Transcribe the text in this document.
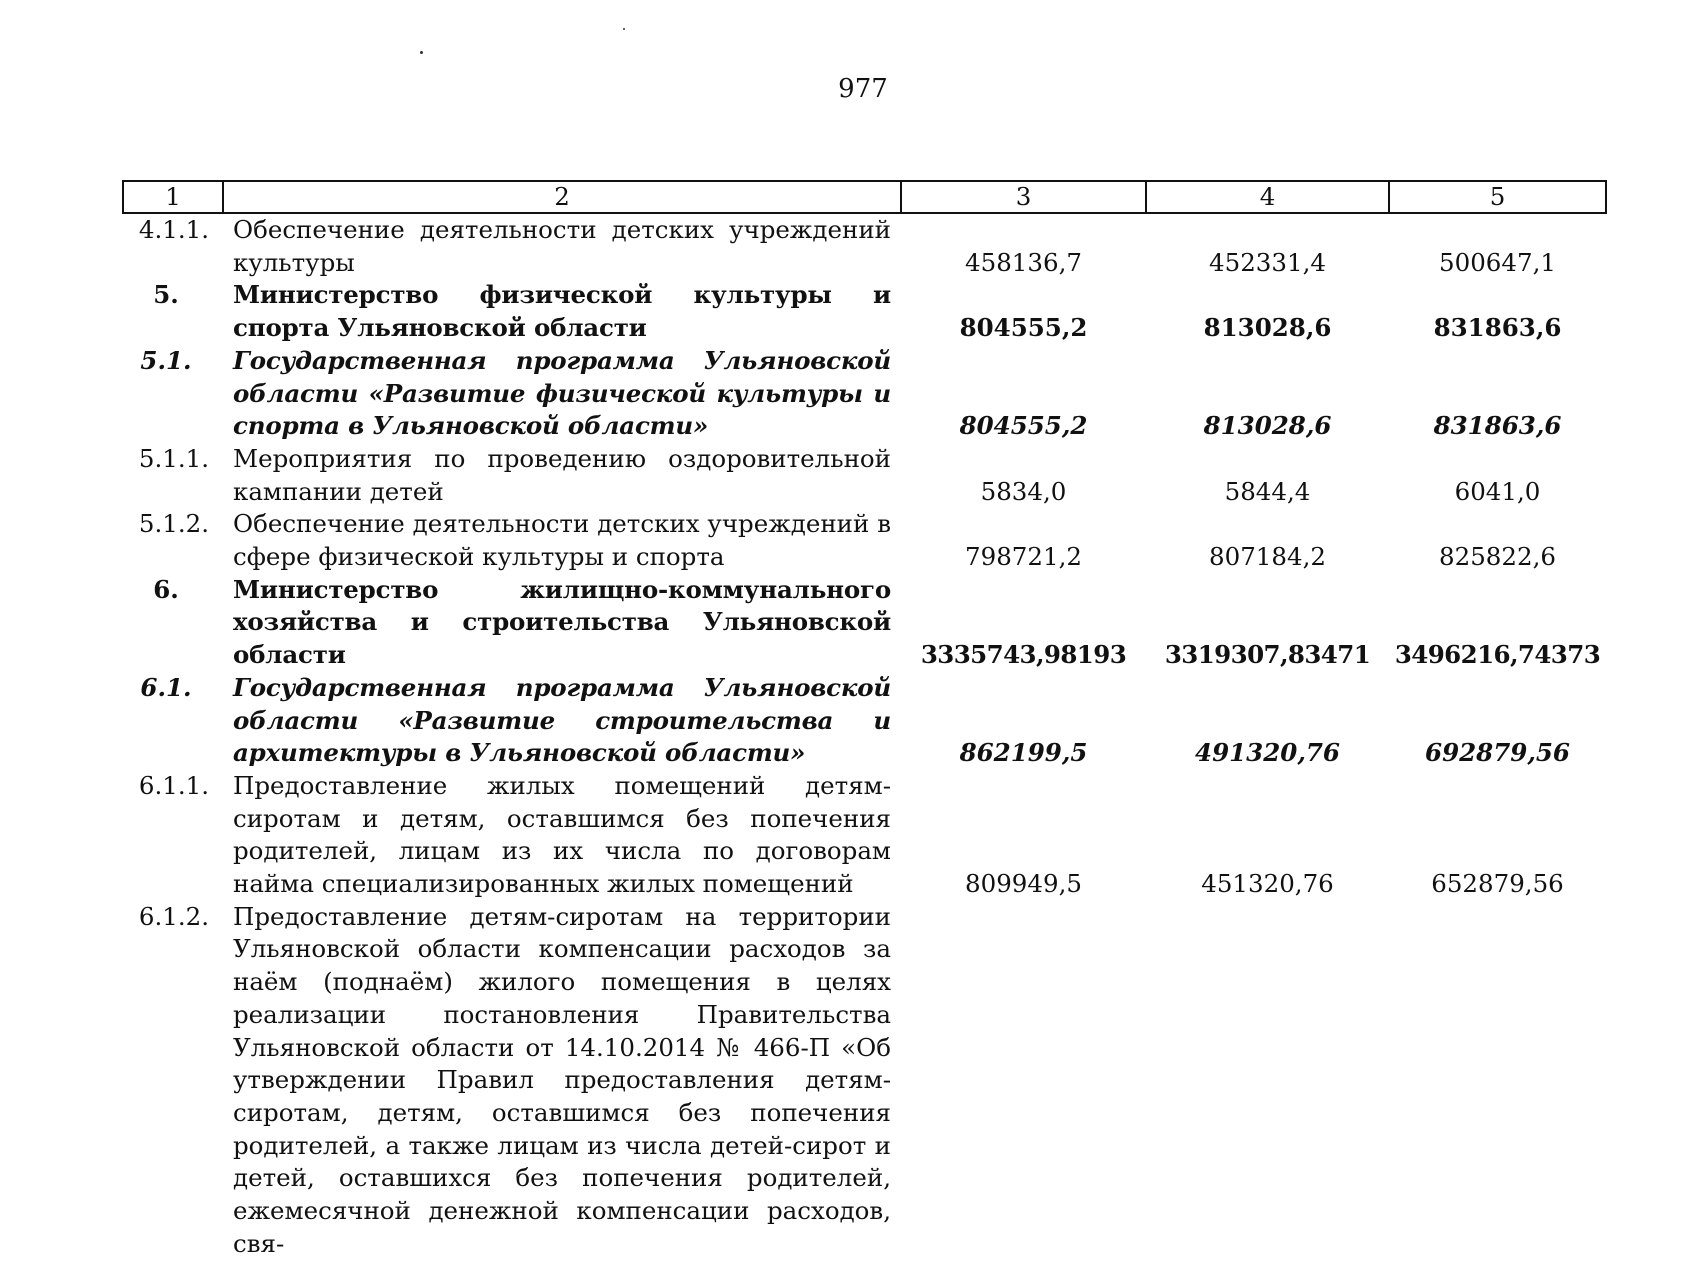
977
1	2	3	4	5
4.1.1.	Обеспечение деятельности детских учреждений культуры	458136,7	452331,4	500647,1
5.	Министерство физической культуры и спорта Ульяновской области	804555,2	813028,6	831863,6
5.1.	Государственная программа Ульяновской области «Развитие физической культуры и спорта в Ульяновской области»	804555,2	813028,6	831863,6
5.1.1.	Мероприятия по проведению оздоровительной кампании детей	5834,0	5844,4	6041,0
5.1.2.	Обеспечение деятельности детских учреждений в сфере физической культуры и спорта	798721,2	807184,2	825822,6
6.	Министерство жилищно-коммунального хозяйства и строительства Ульяновской области	3335743,98193	3319307,83471	3496216,74373
6.1.	Государственная программа Ульяновской области «Развитие строительства и архитектуры в Ульяновской области»	862199,5	491320,76	692879,56
6.1.1.	Предоставление жилых помещений детям-сиротам и детям, оставшимся без попечения родителей, лицам из их числа по договорам найма специализированных жилых помещений	809949,5	451320,76	652879,56
6.1.2.	Предоставление детям-сиротам на территории Ульяновской области компенсации расходов за наём (поднаём) жилого помещения в целях реализации постановления Правительства Ульяновской области от 14.10.2014 № 466-П «Об утверждении Правил предоставления детям-сиротам, детям, оставшимся без попечения родителей, а также лицам из числа детей-сирот и детей, оставшихся без попечения родителей, ежемесячной денежной компенсации расходов, свя-			
